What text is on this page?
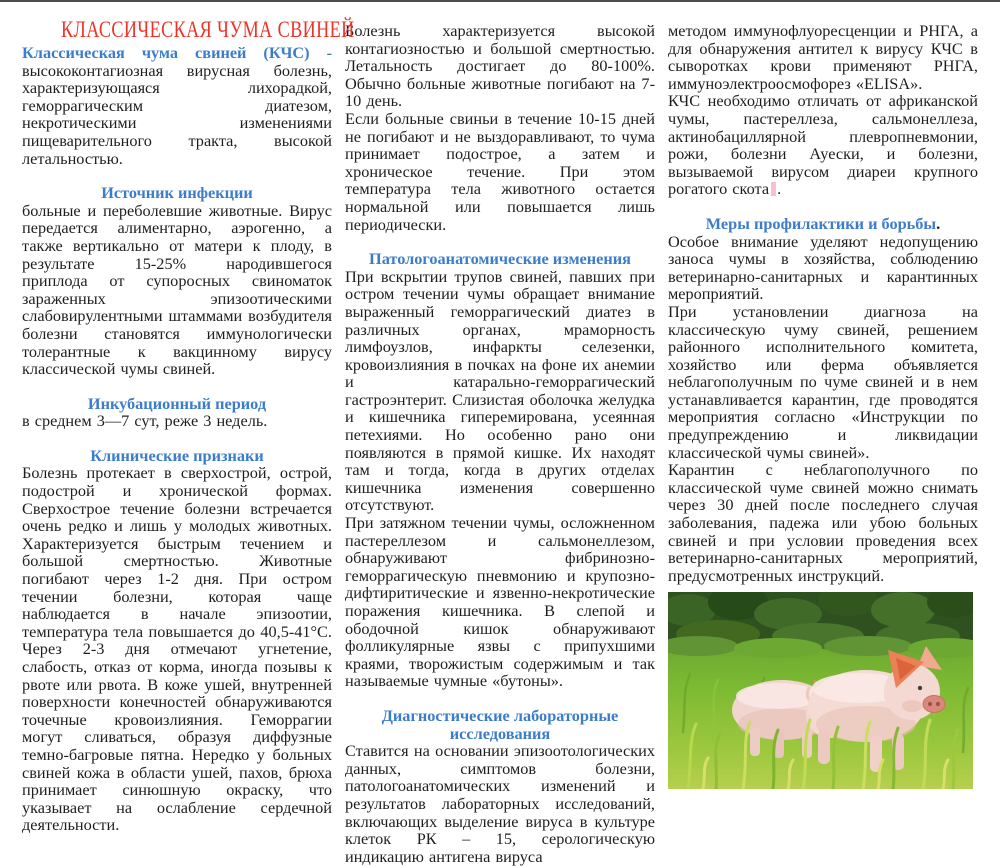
КЛАССИЧЕСКАЯ ЧУМА СВИНЕЙ

Классическая чума свиней (КЧС) - высококонтагиозная вирусная болезнь, характеризующаяся лихорадкой, геморрагическим диатезом, некротическими изменениями пищеварительного тракта, высокой летальностью.

Источник инфекции

больные и переболевшие животные. Вирус передается алиментарно, аэрогенно, а также вертикально от матери к плоду, в результате 15-25% народившегося приплода от супоросных свиноматок зараженных эпизоотическими слабовирулентными штаммами возбудителя болезни становятся иммунологически толерантные к вакцинному вирусу классической чумы свиней.

Инкубационный период

в среднем 3—7 сут, реже 3 недель.

Клинические признаки

Болезнь протекает в сверхострой, острой, подострой и хронической формах. Сверхострое течение болезни встречается очень редко и лишь у молодых животных. Характеризуется быстрым течением и большой смертностью. Животные погибают через 1-2 дня. При остром течении болезни, которая чаще наблюдается в начале эпизоотии, температура тела повышается до 40,5-41°С. Через 2-3 дня отмечают угнетение, слабость, отказ от корма, иногда позывы к рвоте или рвота. В коже ушей, внутренней поверхности конечностей обнаруживаются точечные кровоизлияния. Геморрагии могут сливаться, образуя диффузные темно-багровые пятна. Нередко у больных свиней кожа в области ушей, пахов, брюха принимает синюшную окраску, что указывает на ослабление сердечной деятельности.

Болезнь характеризуется высокой контагиозностью и большой смертностью. Летальность достигает до 80-100%. Обычно больные животные погибают на 7- 10 день.

Если больные свиньи в течение 10-15 дней не погибают и не выздоравливают, то чума принимает подострое, а затем и хроническое течение. При этом температура тела животного остается нормальной или повышается лишь периодически.

Патологоанатомические изменения

При вскрытии трупов свиней, павших при остром течении чумы обращает внимание выраженный геморрагический диатез в различных органах, мраморность лимфоузлов, инфаркты селезенки, кровоизлияния в почках на фоне их анемии и катарально-геморрагический гастроэнтерит. Слизистая оболочка желудка и кишечника гиперемирована, усеянная петехиями. Но особенно рано они появляются в прямой кишке. Их находят там и тогда, когда в других отделах кишечника изменения совершенно отсутствуют.

При затяжном течении чумы, осложненном пастереллезом и сальмонеллезом, обнаруживают фибринозно-геморрагическую пневмонию и крупозно-дифтиритические и язвенно-некротические поражения кишечника. В слепой и ободочной кишок обнаруживают фолликулярные язвы с припухшими краями, творожистым содержимым и так называемые чумные «бутоны».

Диагностические лабораторные исследования

Ставится на основании эпизоотологических данных, симптомов болезни, патологоанатомических изменений и результатов лабораторных исследований, включающих выделение вируса в культуре клеток РК – 15, серологическую индикацию антигена вируса

методом иммунофлуоресценции и РНГА, а для обнаружения антител к вирусу КЧС в сыворотках крови применяют РНГА, иммуноэлектроосмофорез «ELISA».

КЧС необходимо отличать от африканской чумы, пастереллеза, сальмонеллеза, актинобациллярной плевропневмонии, рожи, болезни Ауески, и болезни, вызываемой вирусом диареи крупного рогатого скота .

Меры профилактики и борьбы.

Особое внимание уделяют недопущению заноса чумы в хозяйства, соблюдению ветеринарно-санитарных и карантинных мероприятий.

При установлении диагноза на классическую чуму свиней, решением районного исполнительного комитета, хозяйство или ферма объявляется неблагополучным по чуме свиней и в нем устанавливается карантин, где проводятся мероприятия согласно «Инструкции по предупреждению и ликвидации классической чумы свиней».

Карантин с неблагополучного по классической чуме свиней можно снимать через 30 дней после последнего случая заболевания, падежа или убою больных свиней и при условии проведения всех ветеринарно-санитарных мероприятий, предусмотренных инструкций.
